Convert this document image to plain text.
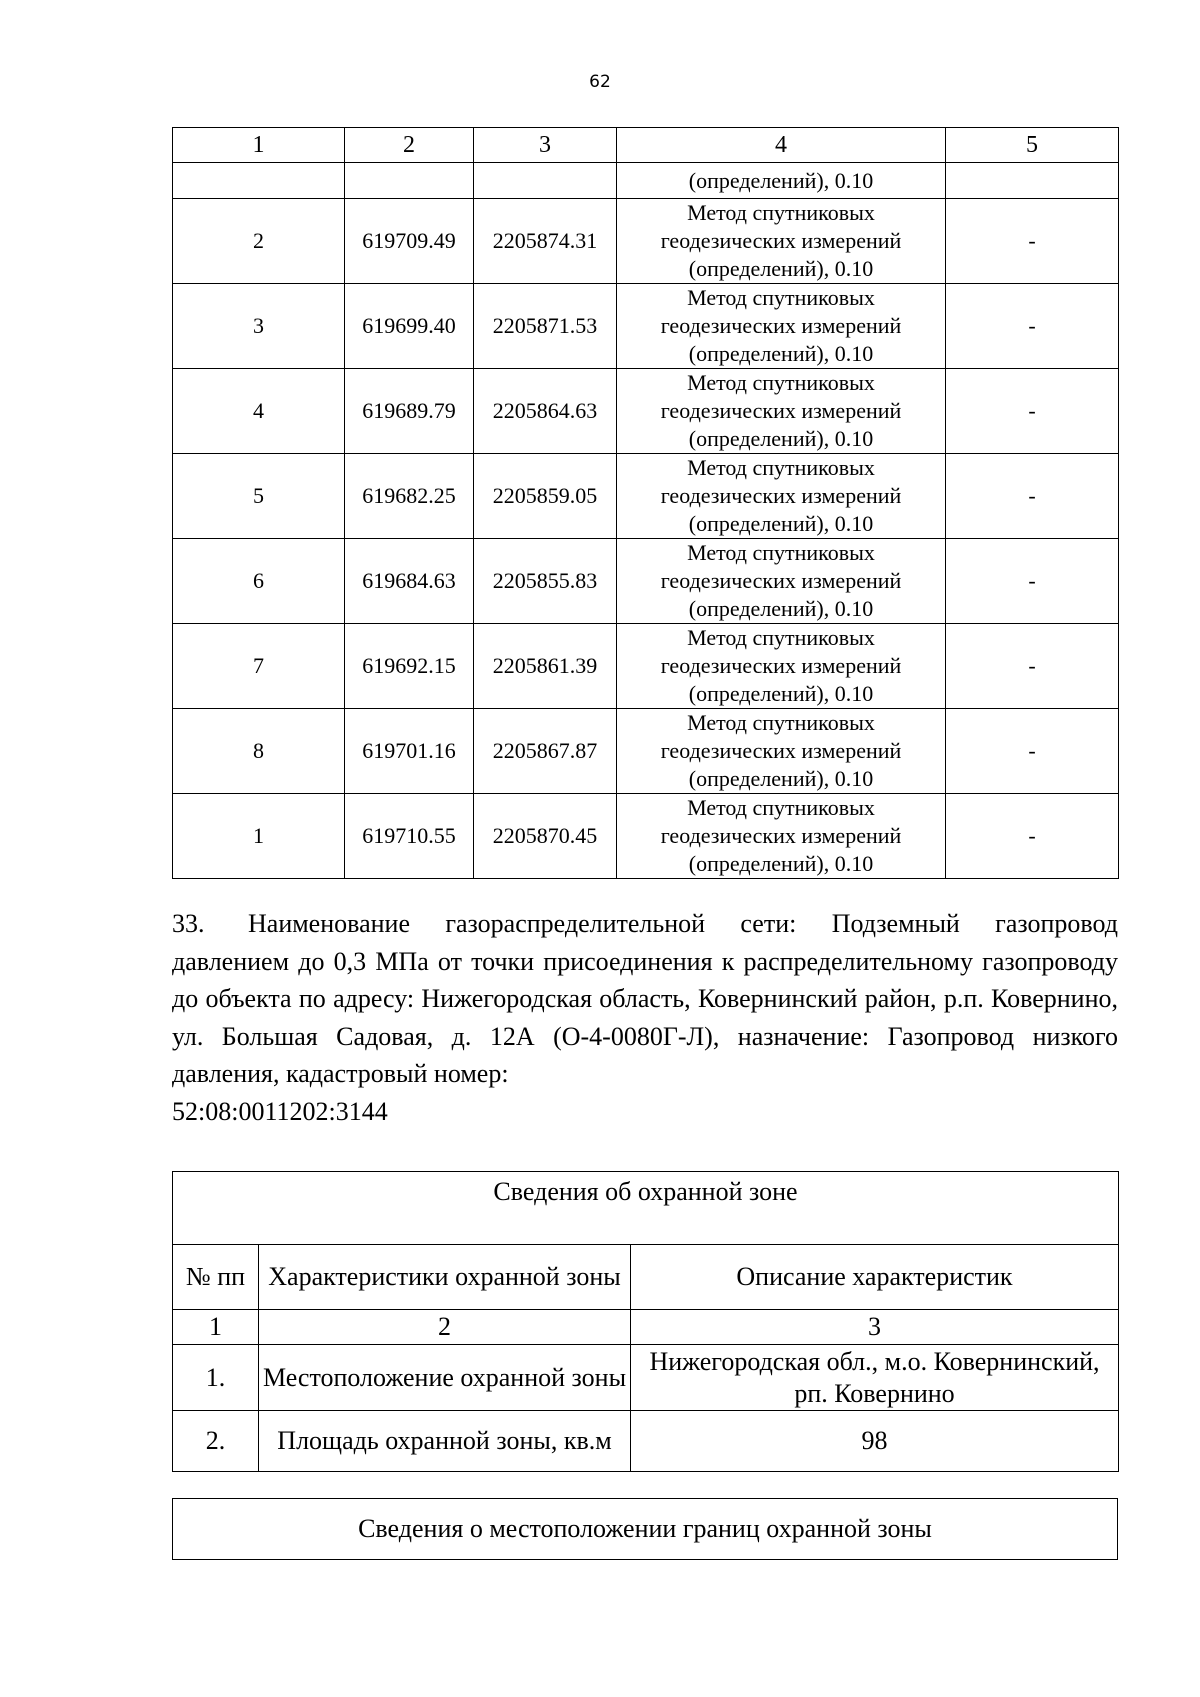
62
1	2	3	4	5
			(определений), 0.10	
2	619709.49	2205874.31	Метод спутниковых
геодезических измерений
(определений), 0.10	-
3	619699.40	2205871.53	Метод спутниковых
геодезических измерений
(определений), 0.10	-
4	619689.79	2205864.63	Метод спутниковых
геодезических измерений
(определений), 0.10	-
5	619682.25	2205859.05	Метод спутниковых
геодезических измерений
(определений), 0.10	-
6	619684.63	2205855.83	Метод спутниковых
геодезических измерений
(определений), 0.10	-
7	619692.15	2205861.39	Метод спутниковых
геодезических измерений
(определений), 0.10	-
8	619701.16	2205867.87	Метод спутниковых
геодезических измерений
(определений), 0.10	-
1	619710.55	2205870.45	Метод спутниковых
геодезических измерений
(определений), 0.10	-
33. Наименование газораспределительной сети: Подземный газопровод давлением до 0,3 МПа от точки присоединения к распределительному газопроводу до объекта по адресу: Нижегородская область, Ковернинский район, р.п. Ковернино, ул. Большая Садовая, д. 12А (О-4-0080Г-Л), назначение: Газопровод низкого давления, кадастровый номер:
52:08:0011202:3144
Сведения об охранной зоне		
№ пп	Характеристики охранной зоны	Описание характеристик
1	2	3
1.	Местоположение охранной зоны	Нижегородская обл., м.о. Ковернинский, рп. Ковернино
2.	Площадь охранной зоны, кв.м	98
Сведения о местоположении границ охранной зоны
